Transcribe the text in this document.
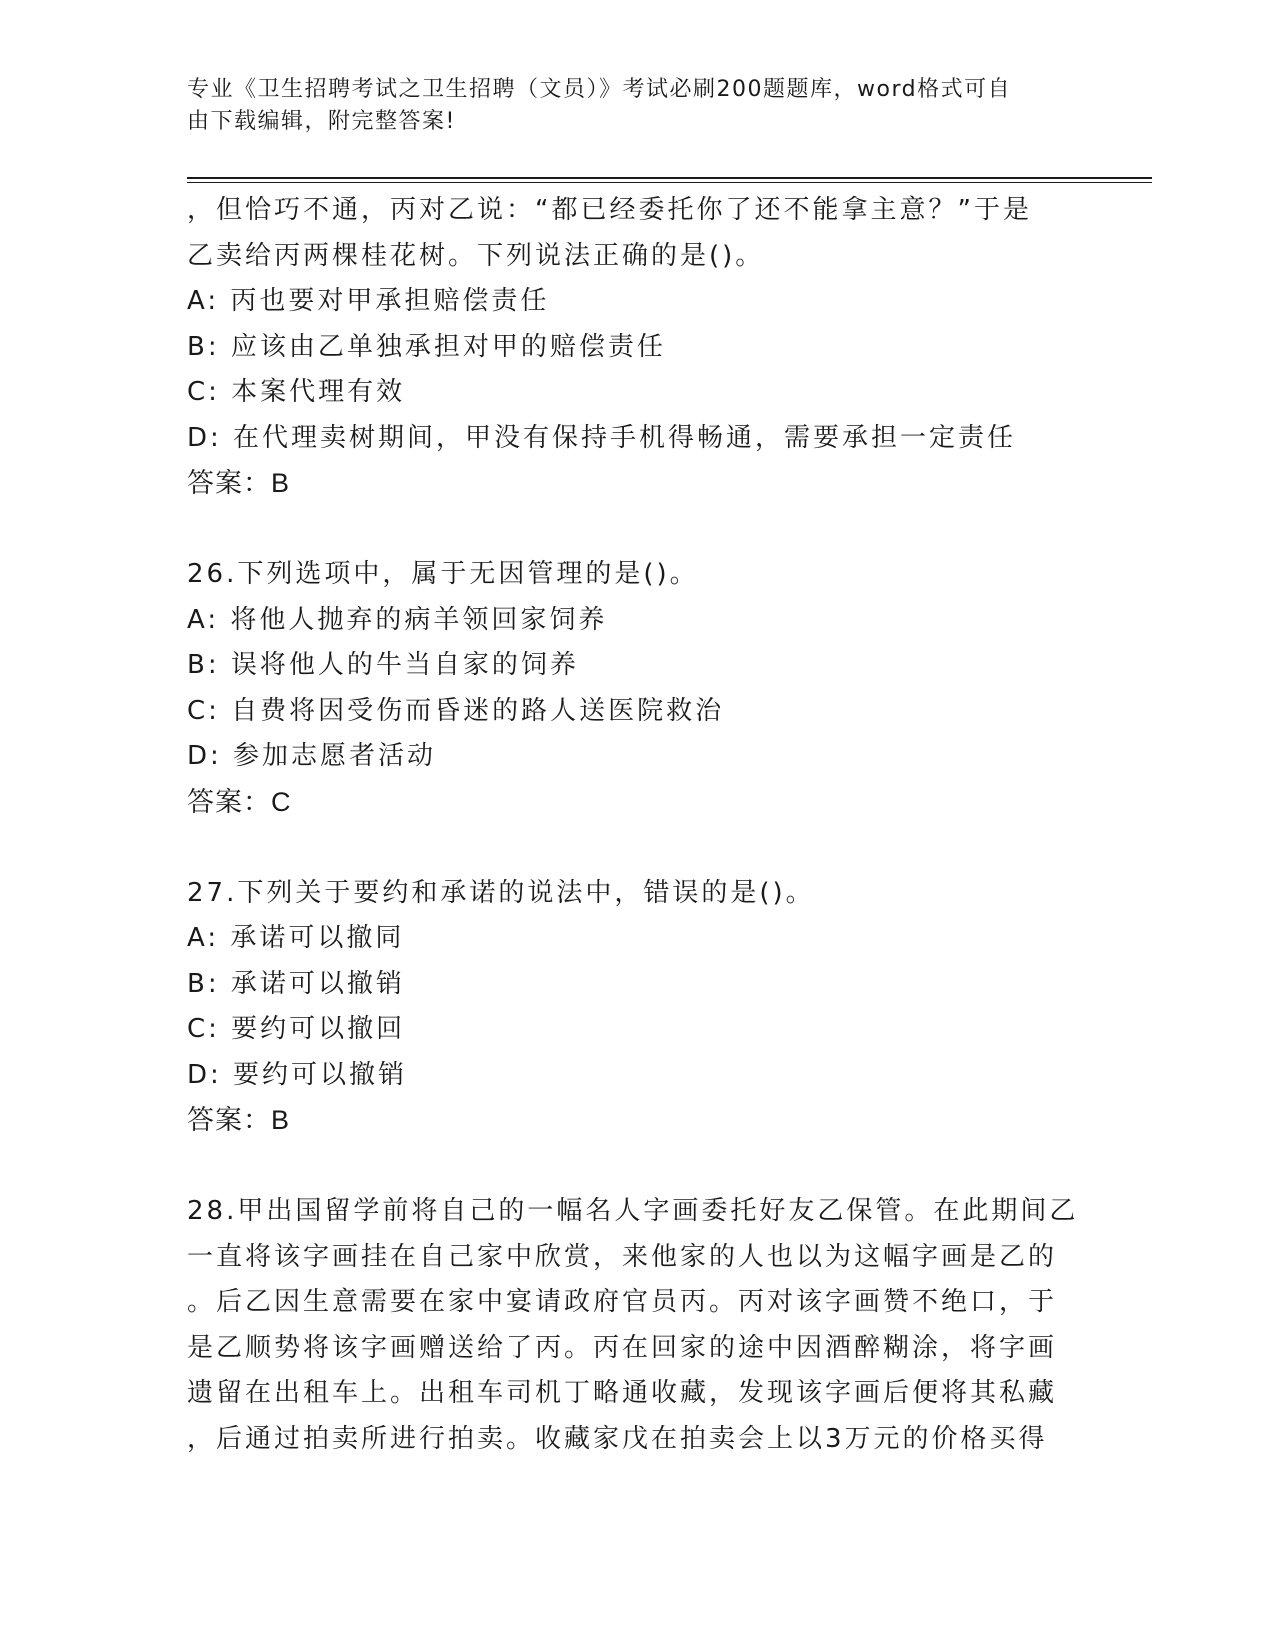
专业《卫生招聘考试之卫生招聘（文员）》考试必刷200题题库，word格式可自
由下载编辑，附完整答案!
，但恰巧不通，丙对乙说：“都已经委托你了还不能拿主意？”于是
乙卖给丙两棵桂花树。下列说法正确的是()。
A: 丙也要对甲承担赔偿责任
B: 应该由乙单独承担对甲的赔偿责任
C: 本案代理有效
D: 在代理卖树期间，甲没有保持手机得畅通，需要承担一定责任
答案：B
26.下列选项中，属于无因管理的是()。
A: 将他人抛弃的病羊领回家饲养
B: 误将他人的牛当自家的饲养
C: 自费将因受伤而昏迷的路人送医院救治
D: 参加志愿者活动
答案：C
27.下列关于要约和承诺的说法中，错误的是()。
A: 承诺可以撤同
B: 承诺可以撤销
C: 要约可以撤回
D: 要约可以撤销
答案：B
28.甲出国留学前将自己的一幅名人字画委托好友乙保管。在此期间乙
一直将该字画挂在自己家中欣赏，来他家的人也以为这幅字画是乙的
。后乙因生意需要在家中宴请政府官员丙。丙对该字画赞不绝口，于
是乙顺势将该字画赠送给了丙。丙在回家的途中因酒醉糊涂，将字画
遗留在出租车上。出租车司机丁略通收藏，发现该字画后便将其私藏
，后通过拍卖所进行拍卖。收藏家戊在拍卖会上以3万元的价格买得
